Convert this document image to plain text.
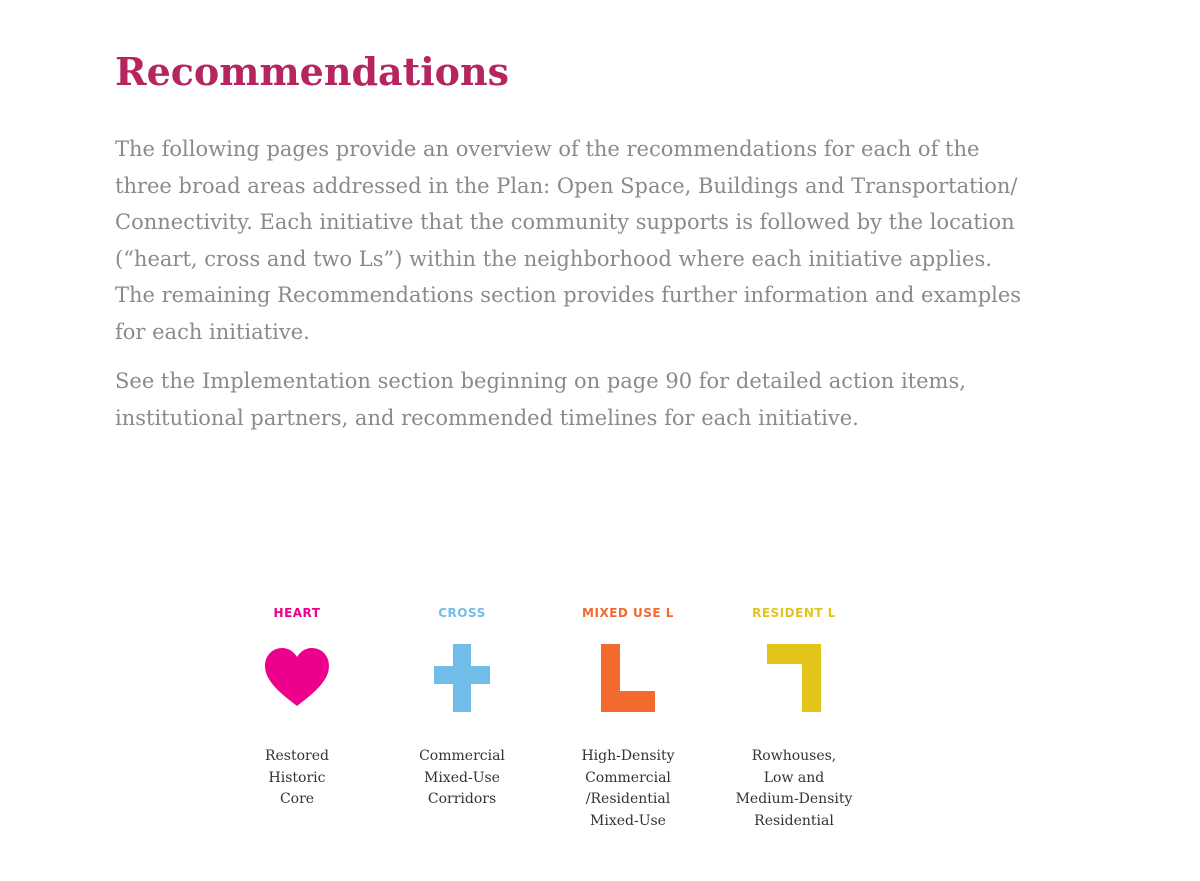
Recommendations

The following pages provide an overview of the recommendations for each of the
three broad areas addressed in the Plan: Open Space, Buildings and Transportation/
Connectivity. Each initiative that the community supports is followed by the location
(“heart, cross and two Ls”) within the neighborhood where each initiative applies.
The remaining Recommendations section provides further information and examples
for each initiative.

See the Implementation section beginning on page 90 for detailed action items,
institutional partners, and recommended timelines for each initiative.

HEART
Restored
Historic
Core
CROSS
Commercial
Mixed-Use
Corridors
MIXED USE L
High-Density
Commercial
/Residential
Mixed-Use
RESIDENT L
Rowhouses,
Low and
Medium-Density
Residential
